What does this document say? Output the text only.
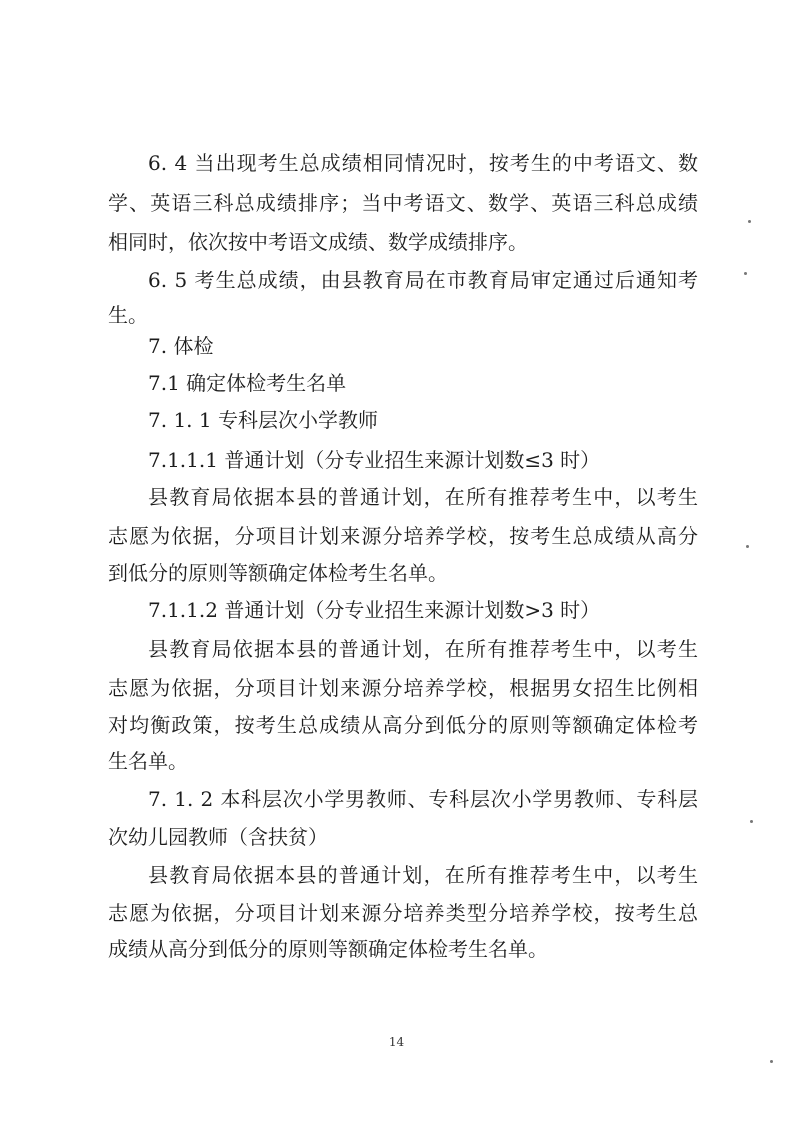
6. 4 当出现考生总成绩相同情况时，按考生的中考语文、数
学、英语三科总成绩排序；当中考语文、数学、英语三科总成绩
相同时，依次按中考语文成绩、数学成绩排序。
6. 5 考生总成绩，由县教育局在市教育局审定通过后通知考
生。
7. 体检
7.1 确定体检考生名单
7. 1. 1 专科层次小学教师
7.1.1.1 普通计划（分专业招生来源计划数≤3 时）
县教育局依据本县的普通计划，在所有推荐考生中，以考生
志愿为依据，分项目计划来源分培养学校，按考生总成绩从高分
到低分的原则等额确定体检考生名单。
7.1.1.2 普通计划（分专业招生来源计划数>3 时）
县教育局依据本县的普通计划，在所有推荐考生中，以考生
志愿为依据，分项目计划来源分培养学校，根据男女招生比例相
对均衡政策，按考生总成绩从高分到低分的原则等额确定体检考
生名单。
7. 1. 2 本科层次小学男教师、专科层次小学男教师、专科层
次幼儿园教师（含扶贫）
县教育局依据本县的普通计划，在所有推荐考生中，以考生
志愿为依据，分项目计划来源分培养类型分培养学校，按考生总
成绩从高分到低分的原则等额确定体检考生名单。
14
